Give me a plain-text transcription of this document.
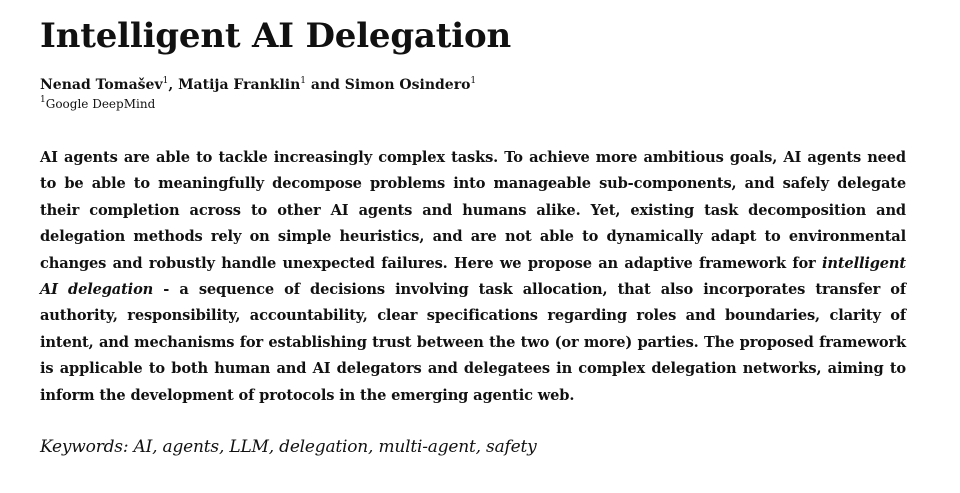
Intelligent AI Delegation
Nenad Tomašev$^1$, Matija Franklin$^1$ and Simon Osindero$^1$
$^1$Google DeepMind

AI agents are able to tackle increasingly complex tasks. To achieve more ambitious goals, AI agents need to be able to meaningfully decompose problems into manageable sub-components, and safely delegate their completion across to other AI agents and humans alike. Yet, existing task decomposition and delegation methods rely on simple heuristics, and are not able to dynamically adapt to environmental changes and robustly handle unexpected failures. Here we propose an adaptive framework for intelligent AI delegation - a sequence of decisions involving task allocation, that also incorporates transfer of authority, responsibility, accountability, clear specifications regarding roles and boundaries, clarity of intent, and mechanisms for establishing trust between the two (or more) parties. The proposed framework is applicable to both human and AI delegators and delegatees in complex delegation networks, aiming to inform the development of protocols in the emerging agentic web.

Keywords: AI, agents, LLM, delegation, multi-agent, safety
